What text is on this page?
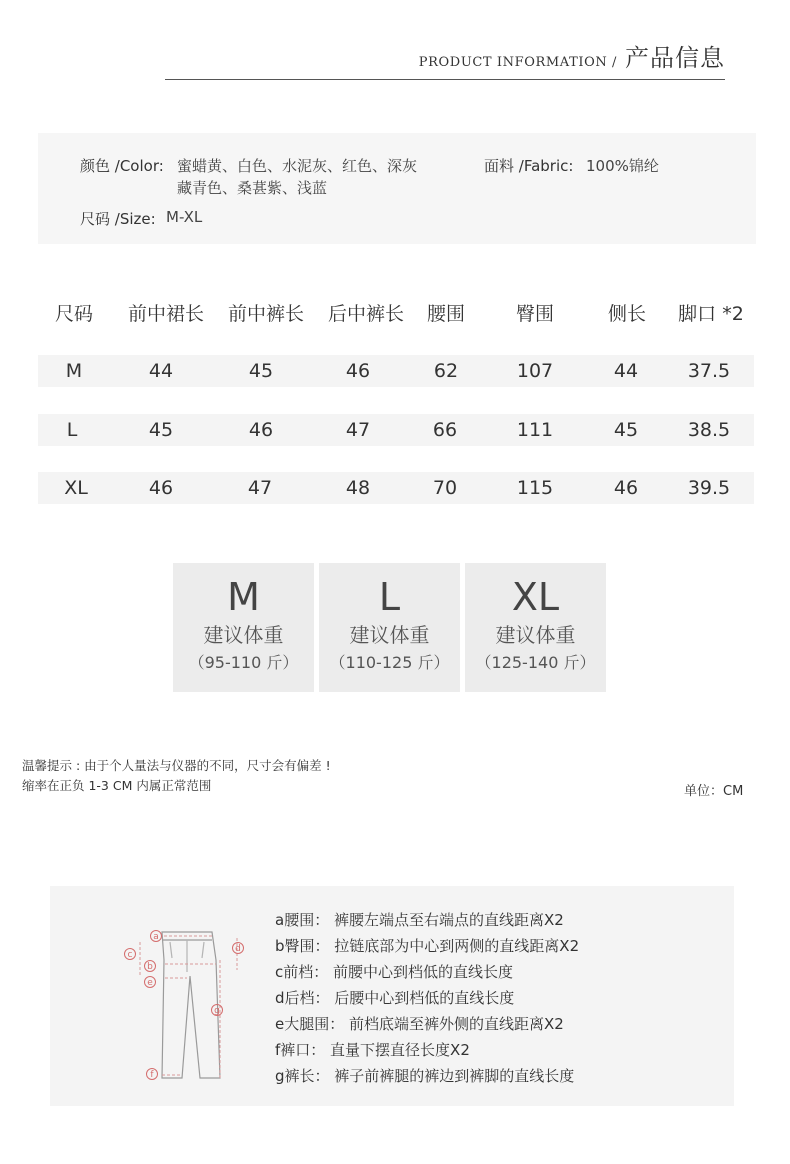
PRODUCT INFORMATION / 产品信息
颜色 /Color: 蜜蜡黄、白色、水泥灰、红色、深灰
藏青色、桑葚紫、浅蓝
面料 /Fabric: 100%锦纶
尺码 /Size: M-XL
尺码	前中裙长	前中裤长	后中裤长	腰围	臀围	侧长	脚口 *2
M	44	45	46	62	107	44	37.5
L	45	46	47	66	111	45	38.5
XL	46	47	48	70	115	46	39.5
M
建议体重
（95-110 斤）
L
建议体重
（110-125 斤）
XL
建议体重
（125-140 斤）
温馨提示 : 由于个人量法与仪器的不同，尺寸会有偏差 !
缩率在正负 1-3 CM 内属正常范围	单位：CM
a
b
c
d
e
f
g
a腰围： 裤腰左端点至右端点的直线距离X2
b臀围： 拉链底部为中心到两侧的直线距离X2
c前档： 前腰中心到档低的直线长度
d后档： 后腰中心到档低的直线长度
e大腿围： 前档底端至裤外侧的直线距离X2
f裤口： 直量下摆直径长度X2
g裤长： 裤子前裤腿的裤边到裤脚的直线长度
